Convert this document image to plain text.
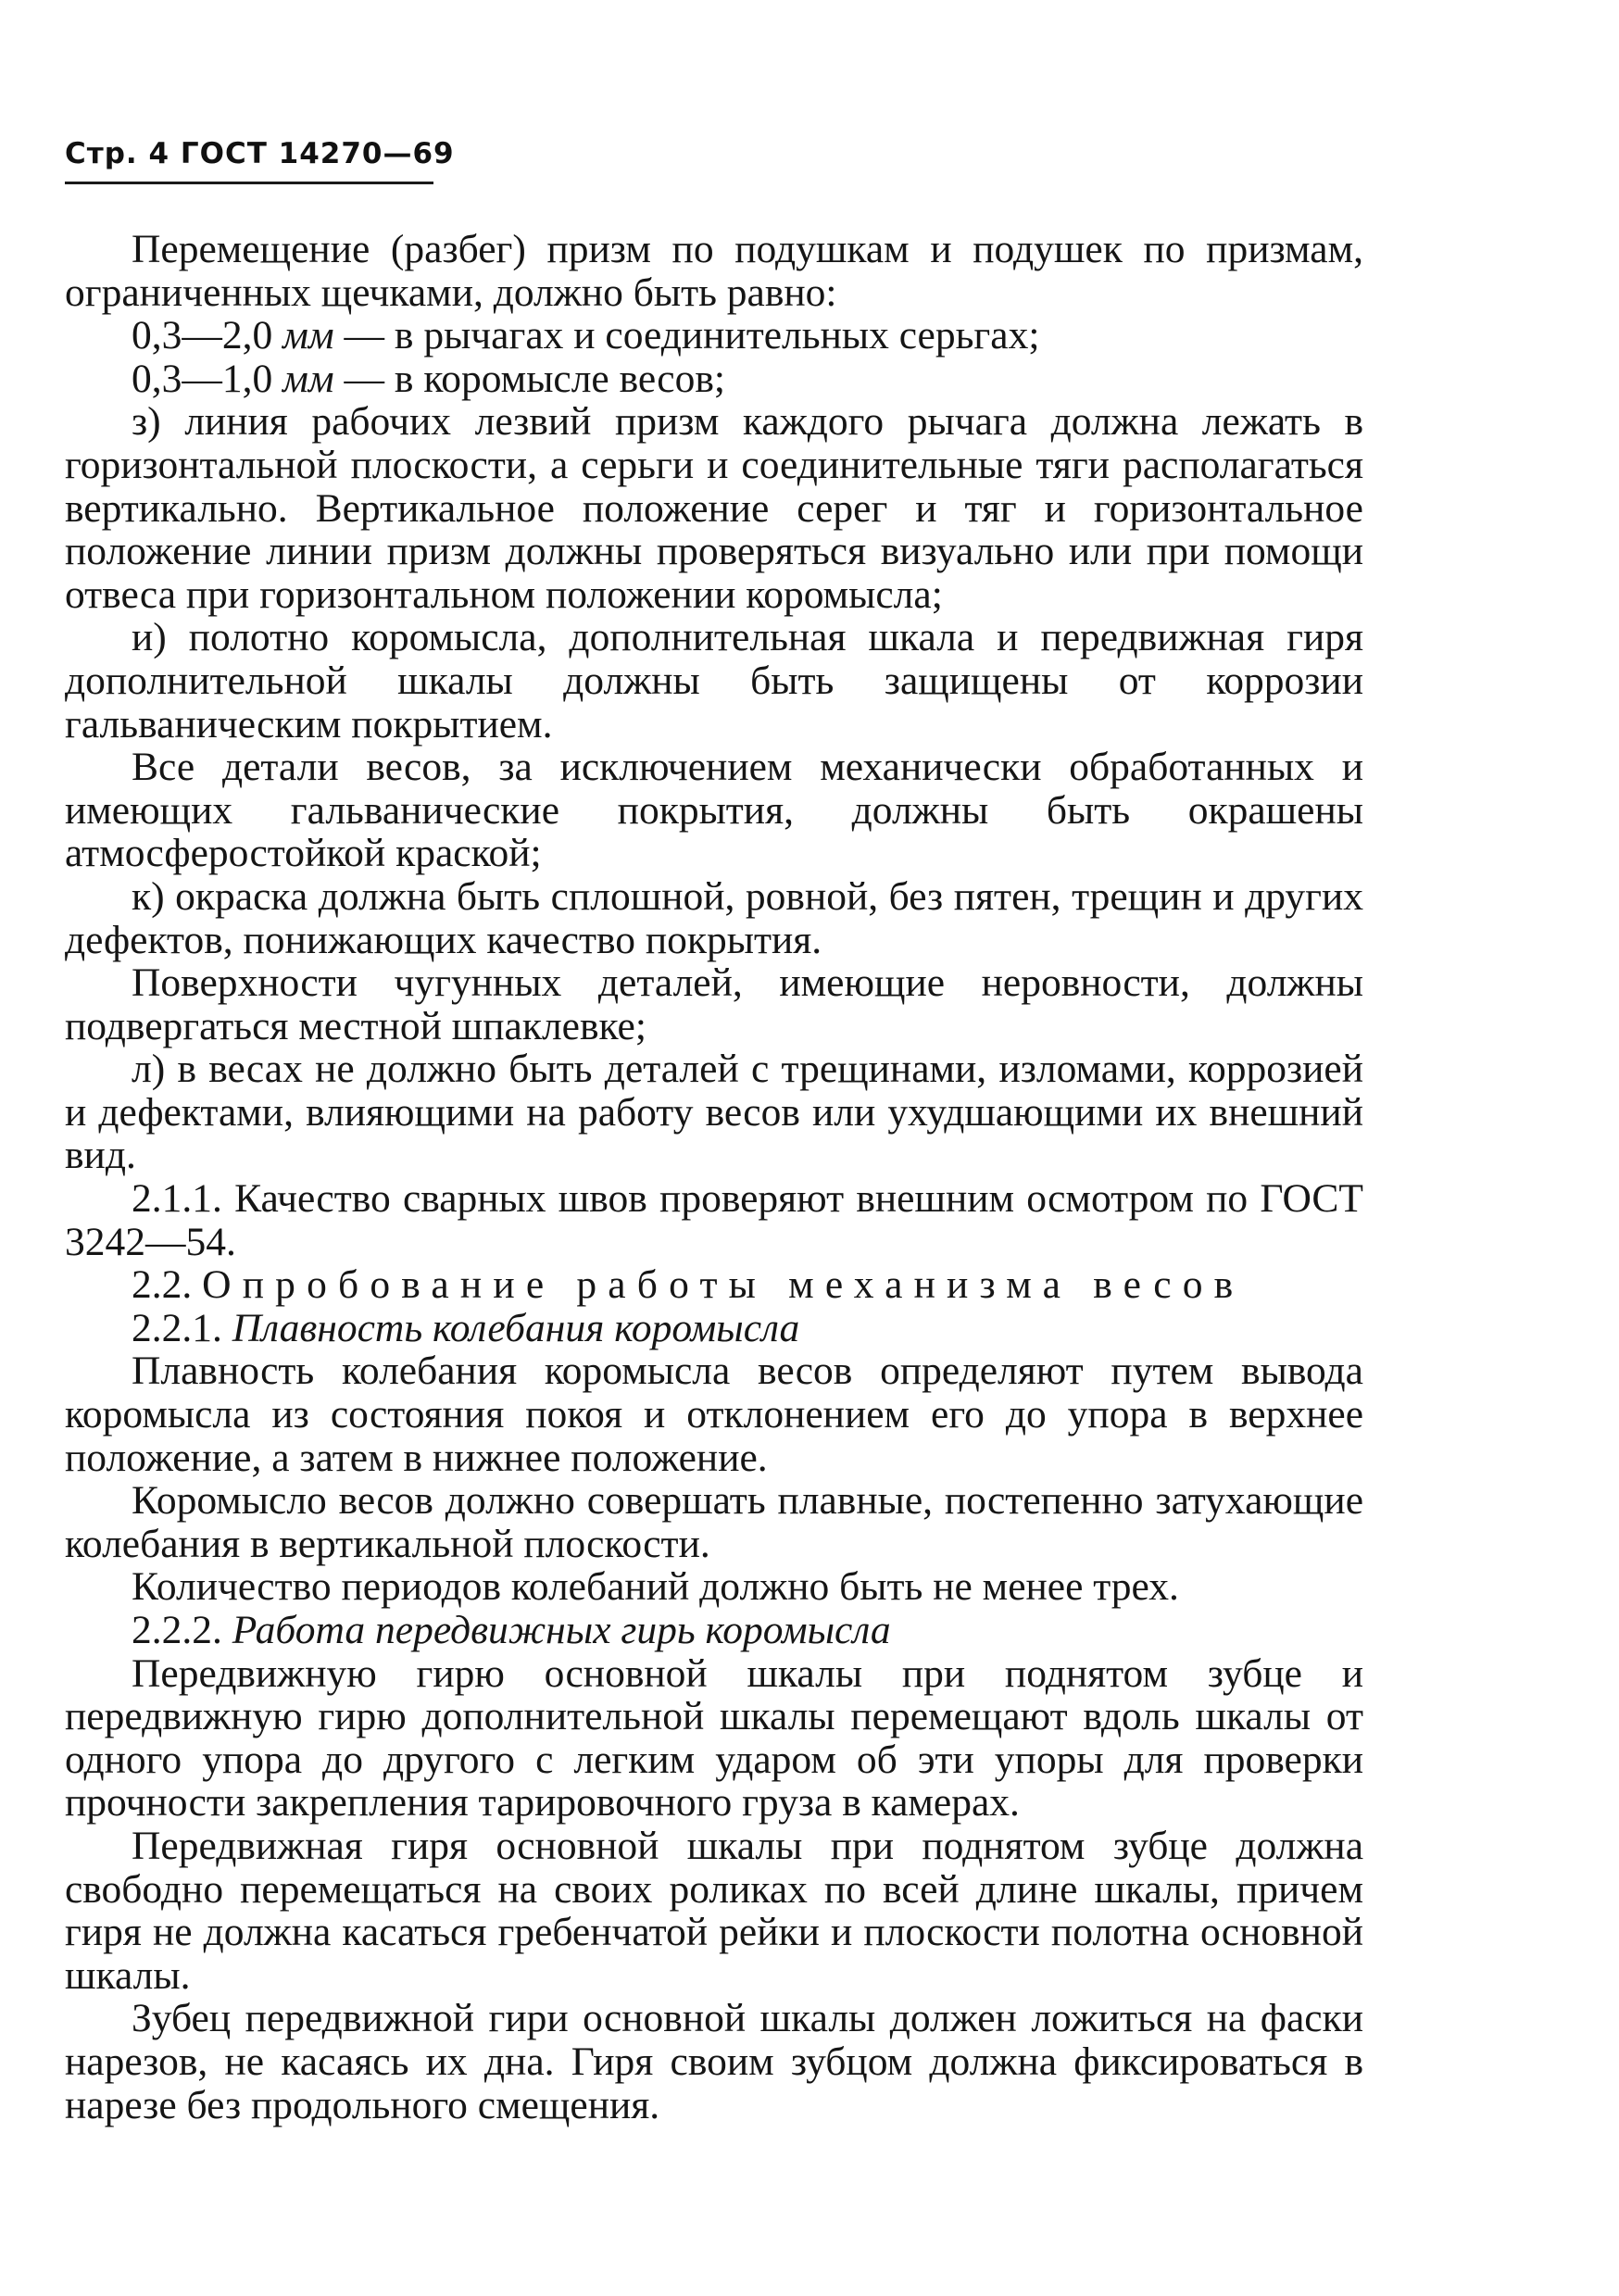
Стр. 4 ГОСТ 14270—69

Перемещение (разбег) призм по подушкам и подушек по призмам, ограниченных щечками, должно быть равно:

0,3—2,0 мм — в рычагах и соединительных серьгах;

0,3—1,0 мм — в коромысле весов;

з) линия рабочих лезвий призм каждого рычага должна лежать в горизонтальной плоскости, а серьги и соединительные тяги располагаться вертикально. Вертикальное положение серег и тяг и горизонтальное положение линии призм должны проверяться визуально или при помощи отвеса при горизонтальном положении коромысла;

и) полотно коромысла, дополнительная шкала и передвижная гиря дополнительной шкалы должны быть защищены от коррозии гальваническим покрытием.

Все детали весов, за исключением механически обработанных и имеющих гальванические покрытия, должны быть окрашены атмосферостойкой краской;

к) окраска должна быть сплошной, ровной, без пятен, трещин и других дефектов, понижающих качество покрытия.

Поверхности чугунных деталей, имеющие неровности, должны подвергаться местной шпаклевке;

л) в весах не должно быть деталей с трещинами, изломами, коррозией и дефектами, влияющими на работу весов или ухудшающими их внешний вид.

2.1.1. Качество сварных швов проверяют внешним осмотром по ГОСТ 3242—54.

2.2. Опробование работы механизма весов

2.2.1. Плавность колебания коромысла

Плавность колебания коромысла весов определяют путем вывода коромысла из состояния покоя и отклонением его до упора в верхнее положение, а затем в нижнее положение.

Коромысло весов должно совершать плавные, постепенно затухающие колебания в вертикальной плоскости.

Количество периодов колебаний должно быть не менее трех.

2.2.2. Работа передвижных гирь коромысла

Передвижную гирю основной шкалы при поднятом зубце и передвижную гирю дополнительной шкалы перемещают вдоль шкалы от одного упора до другого с легким ударом об эти упоры для проверки прочности закрепления тарировочного груза в камерах.

Передвижная гиря основной шкалы при поднятом зубце должна свободно перемещаться на своих роликах по всей длине шкалы, причем гиря не должна касаться гребенчатой рейки и плоскости полотна основной шкалы.

Зубец передвижной гири основной шкалы должен ложиться на фаски нарезов, не касаясь их дна. Гиря своим зубцом должна фиксироваться в нарезе без продольного смещения.
